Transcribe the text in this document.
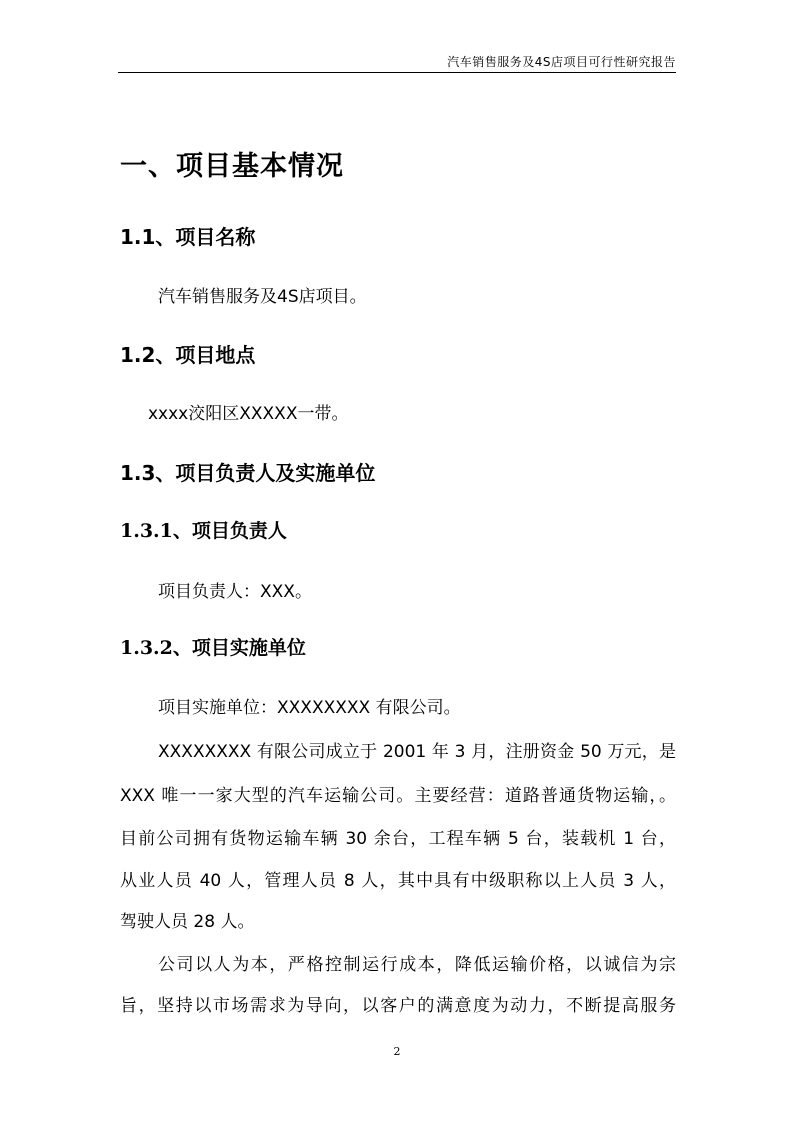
汽车销售服务及4S店项目可行性研究报告
一、项目基本情况
1.1、项目名称
汽车销售服务及4S店项目。
1.2、项目地点
xxxx洨阳区XXXXX一带。
1.3、项目负责人及实施单位
1.3.1、项目负责人
项目负责人：XXX。
1.3.2、项目实施单位
项目实施单位：XXXXXXXX 有限公司。
XXXXXXXX 有限公司成立于 2001 年 3 月，注册资金 50 万元，是
XXX 唯一一家大型的汽车运输公司。主要经营：道路普通货物运输，。
目前公司拥有货物运输车辆 30 余台，工程车辆 5 台，装载机 1 台，
从业人员 40 人，管理人员 8 人，其中具有中级职称以上人员 3 人，
驾驶人员 28 人。
公司以人为本，严格控制运行成本，降低运输价格，以诚信为宗
旨，坚持以市场需求为导向，以客户的满意度为动力，不断提高服务
2
